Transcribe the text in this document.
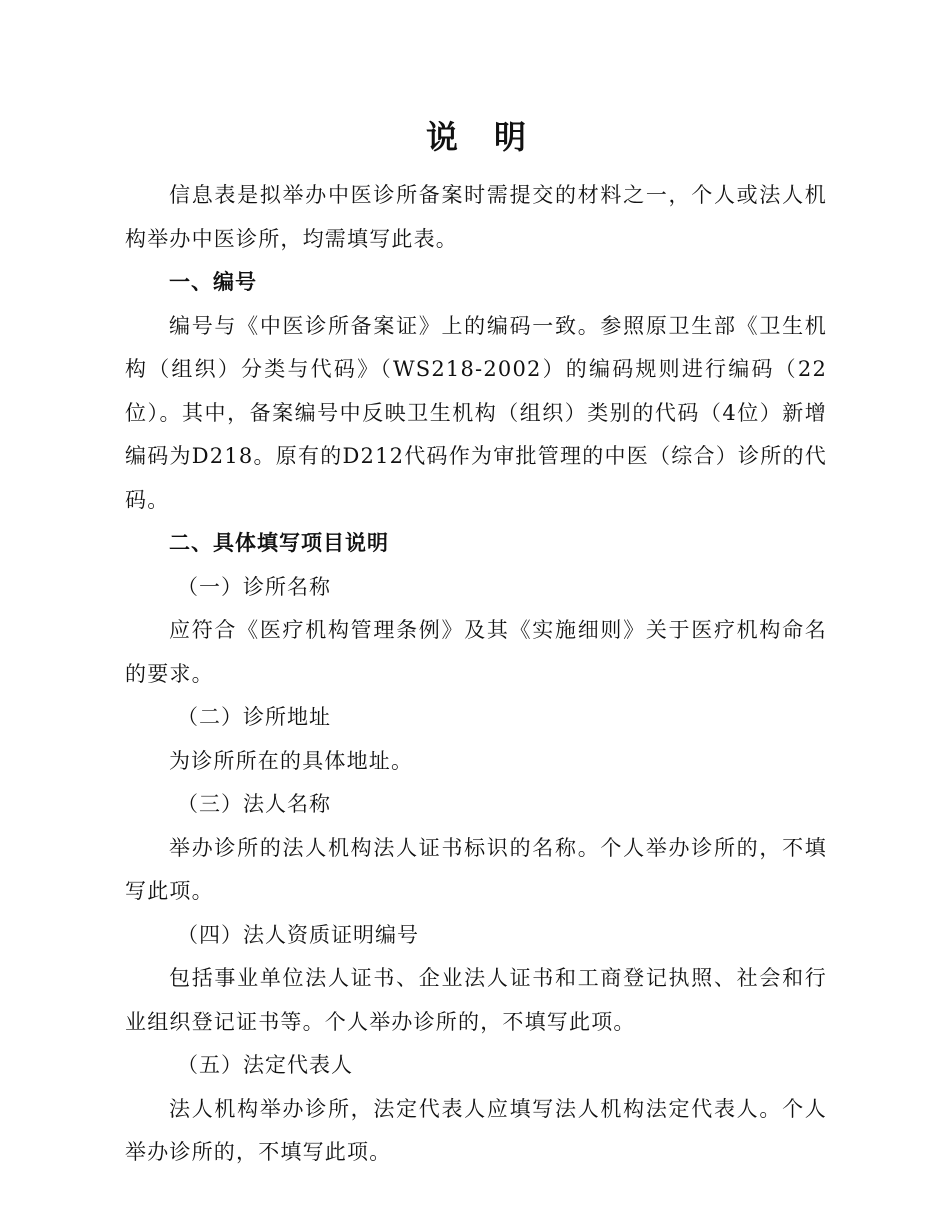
说明

信息表是拟举办中医诊所备案时需提交的材料之一，个人或法人机构举办中医诊所，均需填写此表。

一、编号

编号与《中医诊所备案证》上的编码一致。参照原卫生部《卫生机构（组织）分类与代码》（WS218-2002）的编码规则进行编码（22位）。其中，备案编号中反映卫生机构（组织）类别的代码（4位）新增编码为D218。原有的D212代码作为审批管理的中医（综合）诊所的代码。

二、具体填写项目说明
（一）诊所名称

应符合《医疗机构管理条例》及其《实施细则》关于医疗机构命名的要求。

（二）诊所地址

为诊所所在的具体地址。

（三）法人名称

举办诊所的法人机构法人证书标识的名称。个人举办诊所的，不填写此项。

（四）法人资质证明编号

包括事业单位法人证书、企业法人证书和工商登记执照、社会和行业组织登记证书等。个人举办诊所的，不填写此项。

（五）法定代表人

法人机构举办诊所，法定代表人应填写法人机构法定代表人。个人举办诊所的，不填写此项。
